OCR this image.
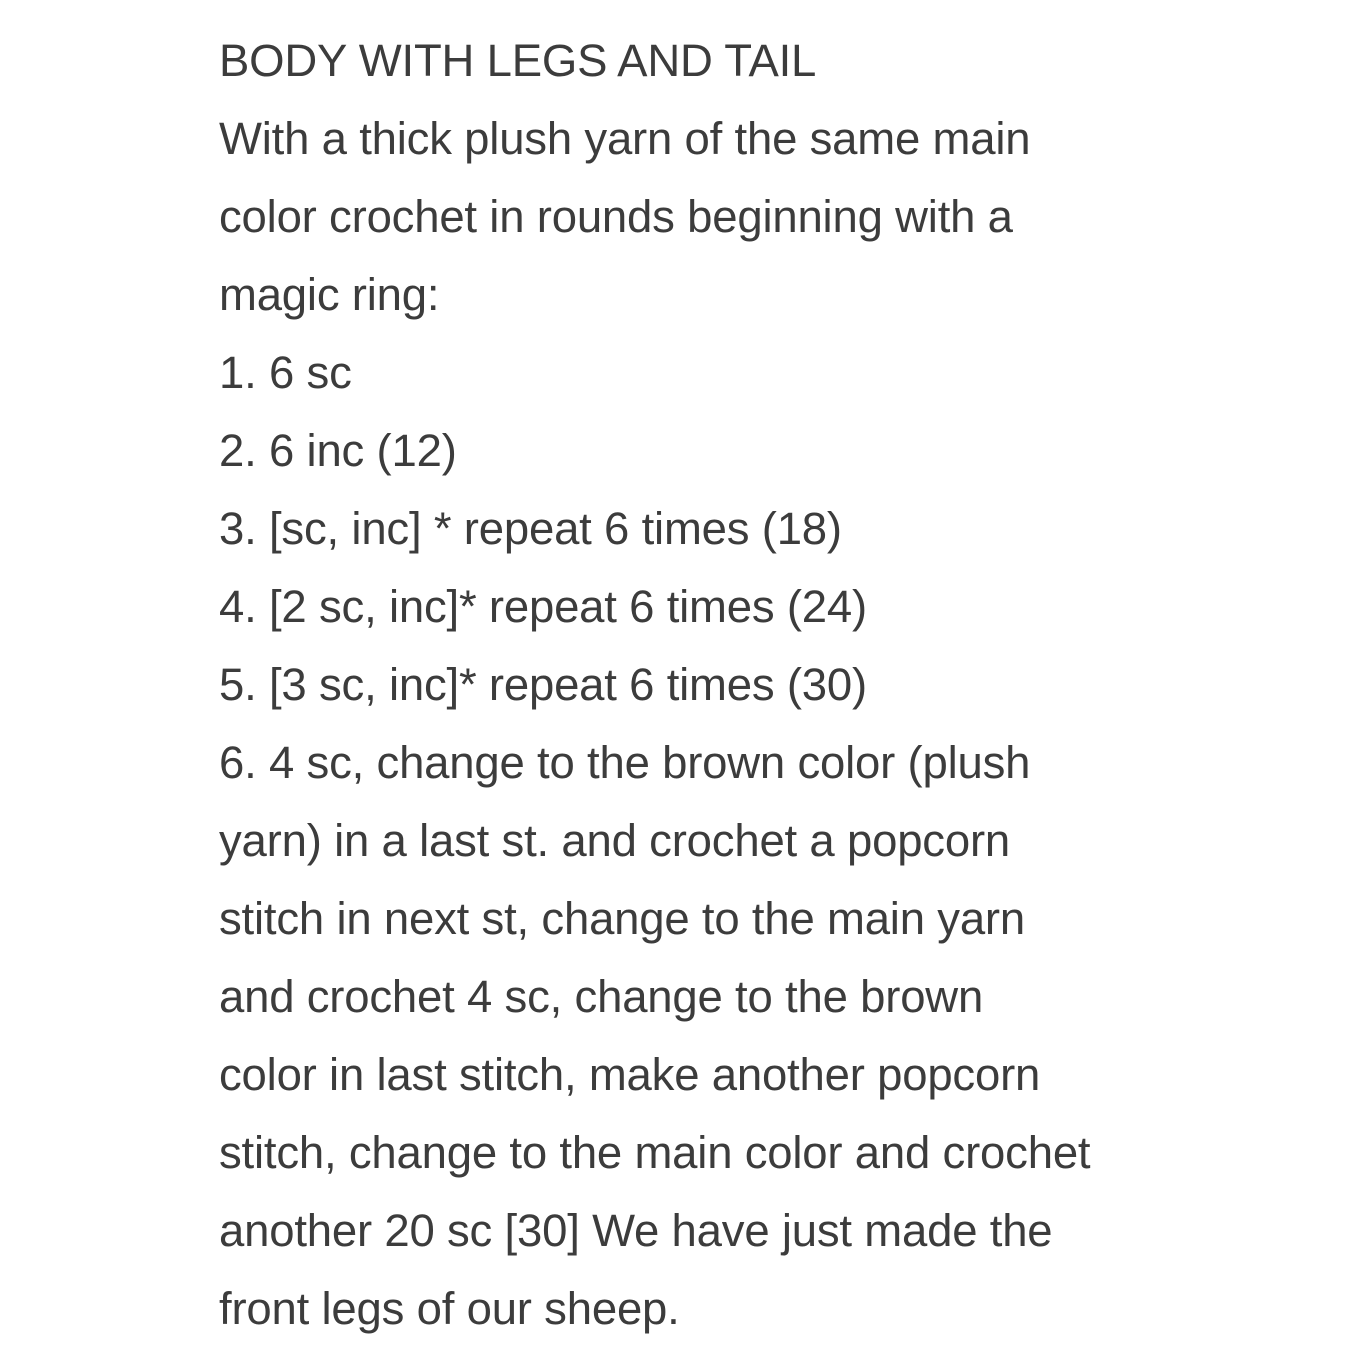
BODY WITH LEGS AND TAIL
With a thick plush yarn of the same main
color crochet in rounds beginning with a
magic ring:
1. 6 sc
2. 6 inc (12)
3. [sc, inc] * repeat 6 times (18)
4. [2 sc, inc]* repeat 6 times (24)
5. [3 sc, inc]* repeat 6 times (30)
6. 4 sc, change to the brown color (plush
yarn) in a last st. and crochet a popcorn
stitch in next st, change to the main yarn
and crochet 4 sc, change to the brown
color in last stitch, make another popcorn
stitch, change to the main color and crochet
another 20 sc [30] We have just made the
front legs of our sheep.
